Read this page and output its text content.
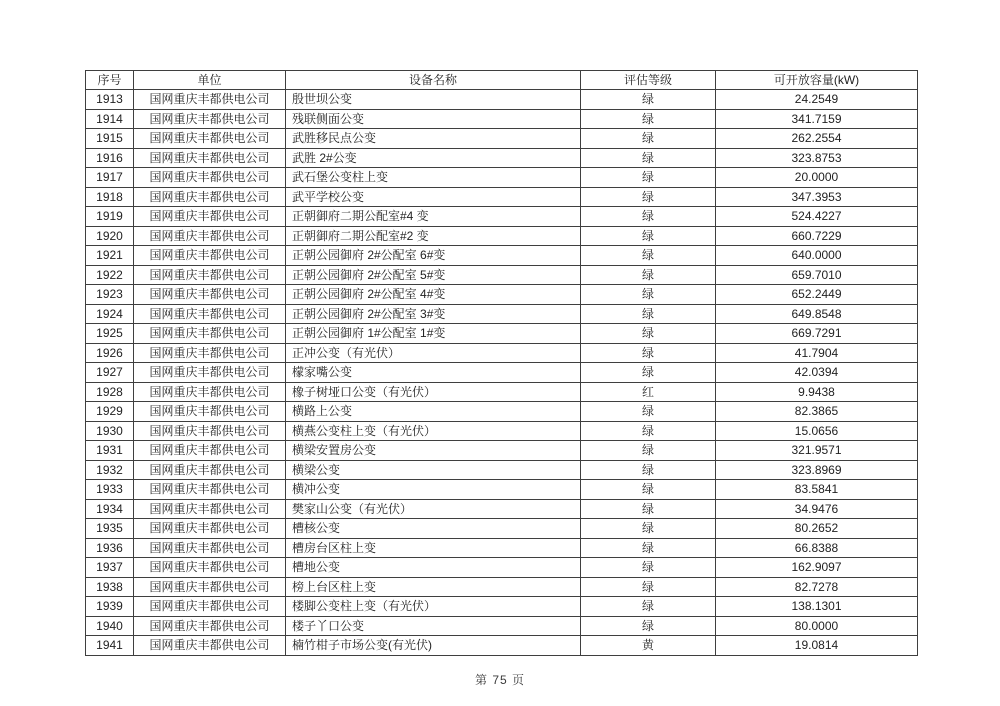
序号	单位	设备名称	评估等级	可开放容量(kW)
1913	国网重庆丰都供电公司	殷世坝公变	绿	24.2549
1914	国网重庆丰都供电公司	残联侧面公变	绿	341.7159
1915	国网重庆丰都供电公司	武胜移民点公变	绿	262.2554
1916	国网重庆丰都供电公司	武胜 2#公变	绿	323.8753
1917	国网重庆丰都供电公司	武石堡公变柱上变	绿	20.0000
1918	国网重庆丰都供电公司	武平学校公变	绿	347.3953
1919	国网重庆丰都供电公司	正朝御府二期公配室#4 变	绿	524.4227
1920	国网重庆丰都供电公司	正朝御府二期公配室#2 变	绿	660.7229
1921	国网重庆丰都供电公司	正朝公园御府 2#公配室 6#变	绿	640.0000
1922	国网重庆丰都供电公司	正朝公园御府 2#公配室 5#变	绿	659.7010
1923	国网重庆丰都供电公司	正朝公园御府 2#公配室 4#变	绿	652.2449
1924	国网重庆丰都供电公司	正朝公园御府 2#公配室 3#变	绿	649.8548
1925	国网重庆丰都供电公司	正朝公园御府 1#公配室 1#变	绿	669.7291
1926	国网重庆丰都供电公司	正冲公变（有光伏）	绿	41.7904
1927	国网重庆丰都供电公司	檬家嘴公变	绿	42.0394
1928	国网重庆丰都供电公司	橡子树垭口公变（有光伏）	红	9.9438
1929	国网重庆丰都供电公司	横路上公变	绿	82.3865
1930	国网重庆丰都供电公司	横燕公变柱上变（有光伏）	绿	15.0656
1931	国网重庆丰都供电公司	横梁安置房公变	绿	321.9571
1932	国网重庆丰都供电公司	横梁公变	绿	323.8969
1933	国网重庆丰都供电公司	横冲公变	绿	83.5841
1934	国网重庆丰都供电公司	樊家山公变（有光伏）	绿	34.9476
1935	国网重庆丰都供电公司	槽核公变	绿	80.2652
1936	国网重庆丰都供电公司	槽房台区柱上变	绿	66.8388
1937	国网重庆丰都供电公司	槽地公变	绿	162.9097
1938	国网重庆丰都供电公司	榜上台区柱上变	绿	82.7278
1939	国网重庆丰都供电公司	楼脚公变柱上变（有光伏）	绿	138.1301
1940	国网重庆丰都供电公司	楼子丫口公变	绿	80.0000
1941	国网重庆丰都供电公司	楠竹柑子市场公变(有光伏)	黄	19.0814
第 75 页
